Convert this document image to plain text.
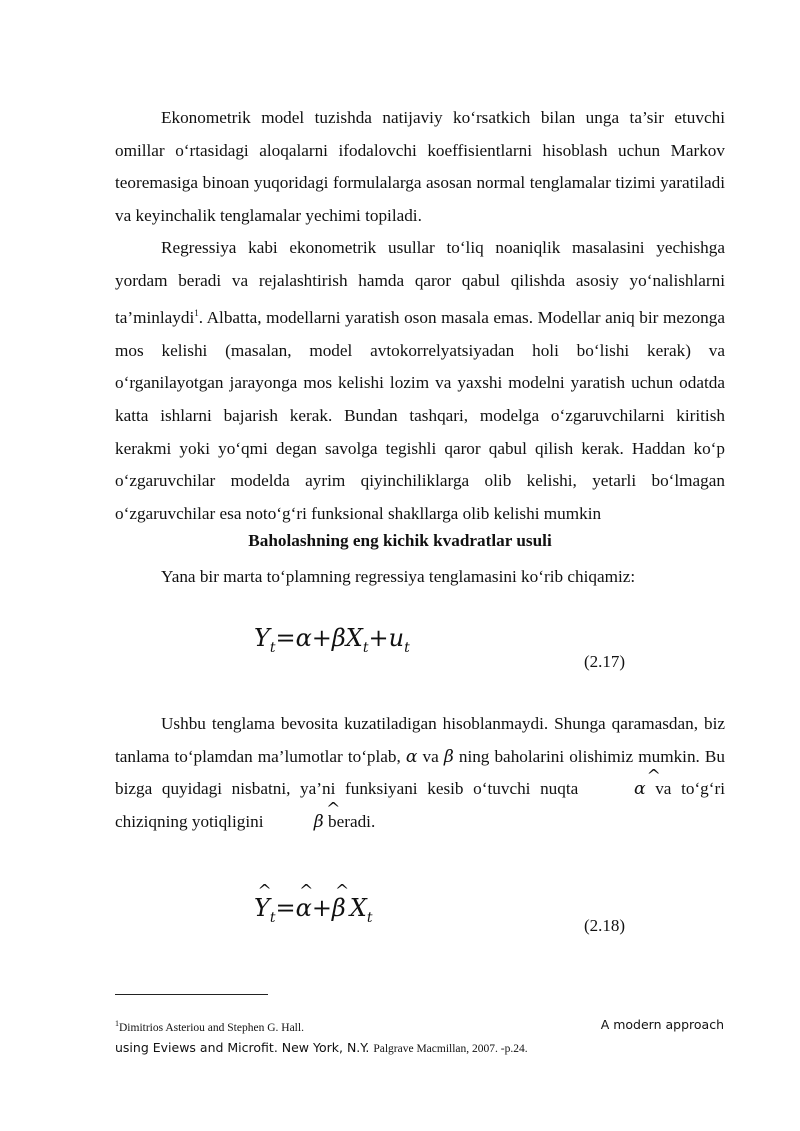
Ekonometrik model tuzishda natijaviy ko‘rsatkich bilan unga ta’sir etuvchi omillar o‘rtasidagi aloqalarni ifodalovchi koeffisientlarni hisoblash uchun Markov teoremasiga binoan yuqoridagi formulalarga asosan normal tenglamalar tizimi yaratiladi va keyinchalik tenglamalar yechimi topiladi.

Regressiya kabi ekonometrik usullar to‘liq noaniqlik masalasini yechishga yordam beradi va rejalashtirish hamda qaror qabul qilishda asosiy yo‘nalishlarni ta’minlaydi$^1$. Albatta, modellarni yaratish oson masala emas. Modellar aniq bir mezonga mos kelishi (masalan, model avtokorrelyatsiyadan holi bo‘lishi kerak) va o‘rganilayotgan jarayonga mos kelishi lozim va yaxshi modelni yaratish uchun odatda katta ishlarni bajarish kerak. Bundan tashqari, modelga o‘zgaruvchilarni kiritish kerakmi yoki yo‘qmi degan savolga tegishli qaror qabul qilish kerak. Haddan ko‘p o‘zgaruvchilar modelda ayrim qiyinchiliklarga olib kelishi, yetarli bo‘lmagan o‘zgaruvchilar esa noto‘g‘ri funksional shakllarga olib kelishi mumkin

Baholashning eng kichik kvadratlar usuli

Yana bir marta to‘plamning regressiya tenglamasini ko‘rib chiqamiz:

$Y_t=\alpha+\beta X_t+u_t$
(2.17)

Ushbu tenglama bevosita kuzatiladigan hisoblanmaydi. Shunga qaramasdan, biz tanlama to‘plamdan ma’lumotlar to‘plab, α va β ning baholarini olishimiz mumkin. Bu bizga quyidagi nisbatni, ya’ni funksiyani kesib o‘tuvchi nuqta	^ α va to‘g‘ri chiziqning yotiqligini	^ β beradi.

^ $Y_t=\^{}$ α+^ β $X_t$	(2.18)
$^1$Dimitrios Asteriou and Stephen G. Hall.	A modern approach
using Eviews and Microfit. New York, N.Y. Palgrave Macmillan, 2007. -p.24.
